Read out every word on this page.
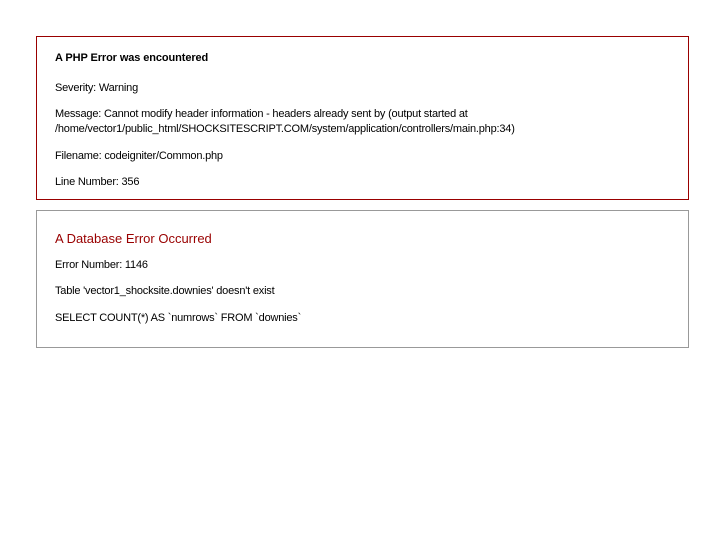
A PHP Error was encountered

Severity: Warning

Message: Cannot modify header information - headers already sent by (output started at

/home/vector1/public_html/SHOCKSITESCRIPT.COM/system/application/controllers/main.php:34)

Filename: codeigniter/Common.php

Line Number: 356

A Database Error Occurred

Error Number: 1146

Table 'vector1_shocksite.downies' doesn't exist

SELECT COUNT(*) AS `numrows` FROM `downies`
